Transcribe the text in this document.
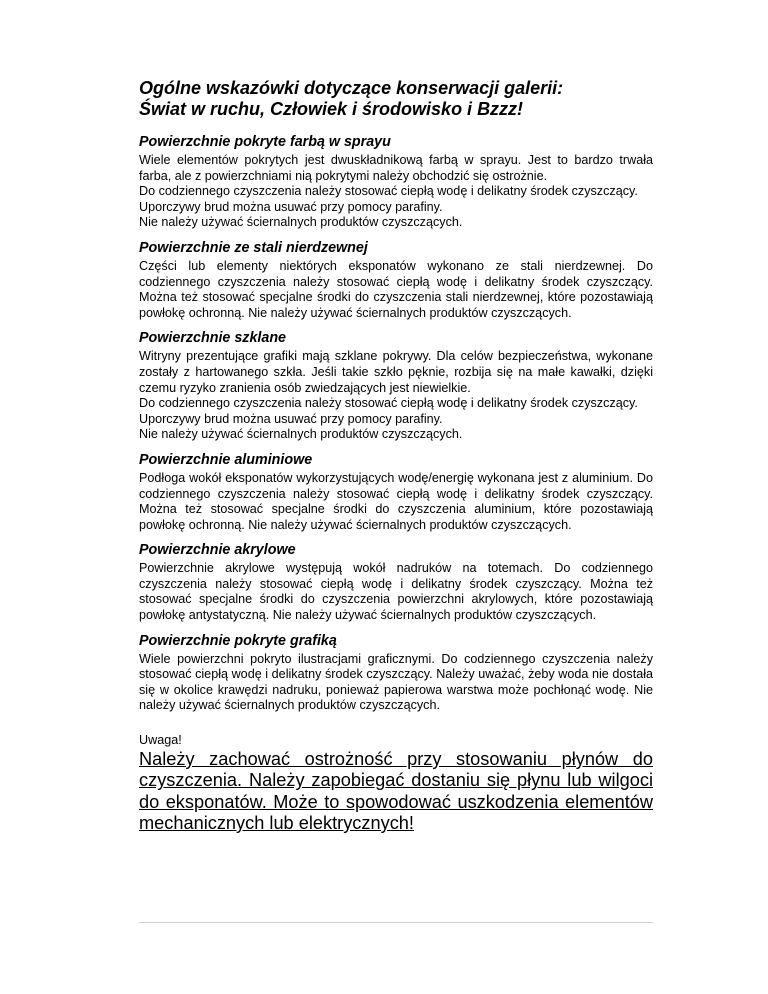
Ogólne wskazówki dotyczące konserwacji galerii:
Świat w ruchu, Człowiek i środowisko i Bzzz!
Powierzchnie pokryte farbą w sprayu

Wiele elementów pokrytych jest dwuskładnikową farbą w sprayu. Jest to bardzo trwała farba, ale z powierzchniami nią pokrytymi należy obchodzić się ostrożnie.

Do codziennego czyszczenia należy stosować ciepłą wodę i delikatny środek czyszczący.

Uporczywy brud można usuwać przy pomocy parafiny.

Nie należy używać ściernalnych produktów czyszczących.

Powierzchnie ze stali nierdzewnej

Części lub elementy niektórych eksponatów wykonano ze stali nierdzewnej. Do codziennego czyszczenia należy stosować ciepłą wodę i delikatny środek czyszczący. Można też stosować specjalne środki do czyszczenia stali nierdzewnej, które pozostawiają powłokę ochronną. Nie należy używać ściernalnych produktów czyszczących.

Powierzchnie szklane

Witryny prezentujące grafiki mają szklane pokrywy. Dla celów bezpieczeństwa, wykonane zostały z hartowanego szkła. Jeśli takie szkło pęknie, rozbija się na małe kawałki, dzięki czemu ryzyko zranienia osób zwiedzających jest niewielkie.

Do codziennego czyszczenia należy stosować ciepłą wodę i delikatny środek czyszczący.

Uporczywy brud można usuwać przy pomocy parafiny.

Nie należy używać ściernalnych produktów czyszczących.

Powierzchnie aluminiowe

Podłoga wokół eksponatów wykorzystujących wodę/energię wykonana jest z aluminium. Do codziennego czyszczenia należy stosować ciepłą wodę i delikatny środek czyszczący. Można też stosować specjalne środki do czyszczenia aluminium, które pozostawiają powłokę ochronną. Nie należy używać ściernalnych produktów czyszczących.

Powierzchnie akrylowe

Powierzchnie akrylowe występują wokół nadruków na totemach. Do codziennego czyszczenia należy stosować ciepłą wodę i delikatny środek czyszczący. Można też stosować specjalne środki do czyszczenia powierzchni akrylowych, które pozostawiają powłokę antystatyczną. Nie należy używać ściernalnych produktów czyszczących.

Powierzchnie pokryte grafiką

Wiele powierzchni pokryto ilustracjami graficznymi. Do codziennego czyszczenia należy stosować ciepłą wodę i delikatny środek czyszczący. Należy uważać, żeby woda nie dostała się w okolice krawędzi nadruku, ponieważ papierowa warstwa może pochłonąć wodę. Nie należy używać ściernalnych produktów czyszczących.

Uwaga!

Należy zachować ostrożność przy stosowaniu płynów do czyszczenia. Należy zapobiegać dostaniu się płynu lub wilgoci do eksponatów. Może to spowodować uszkodzenia elementów mechanicznych lub elektrycznych!
